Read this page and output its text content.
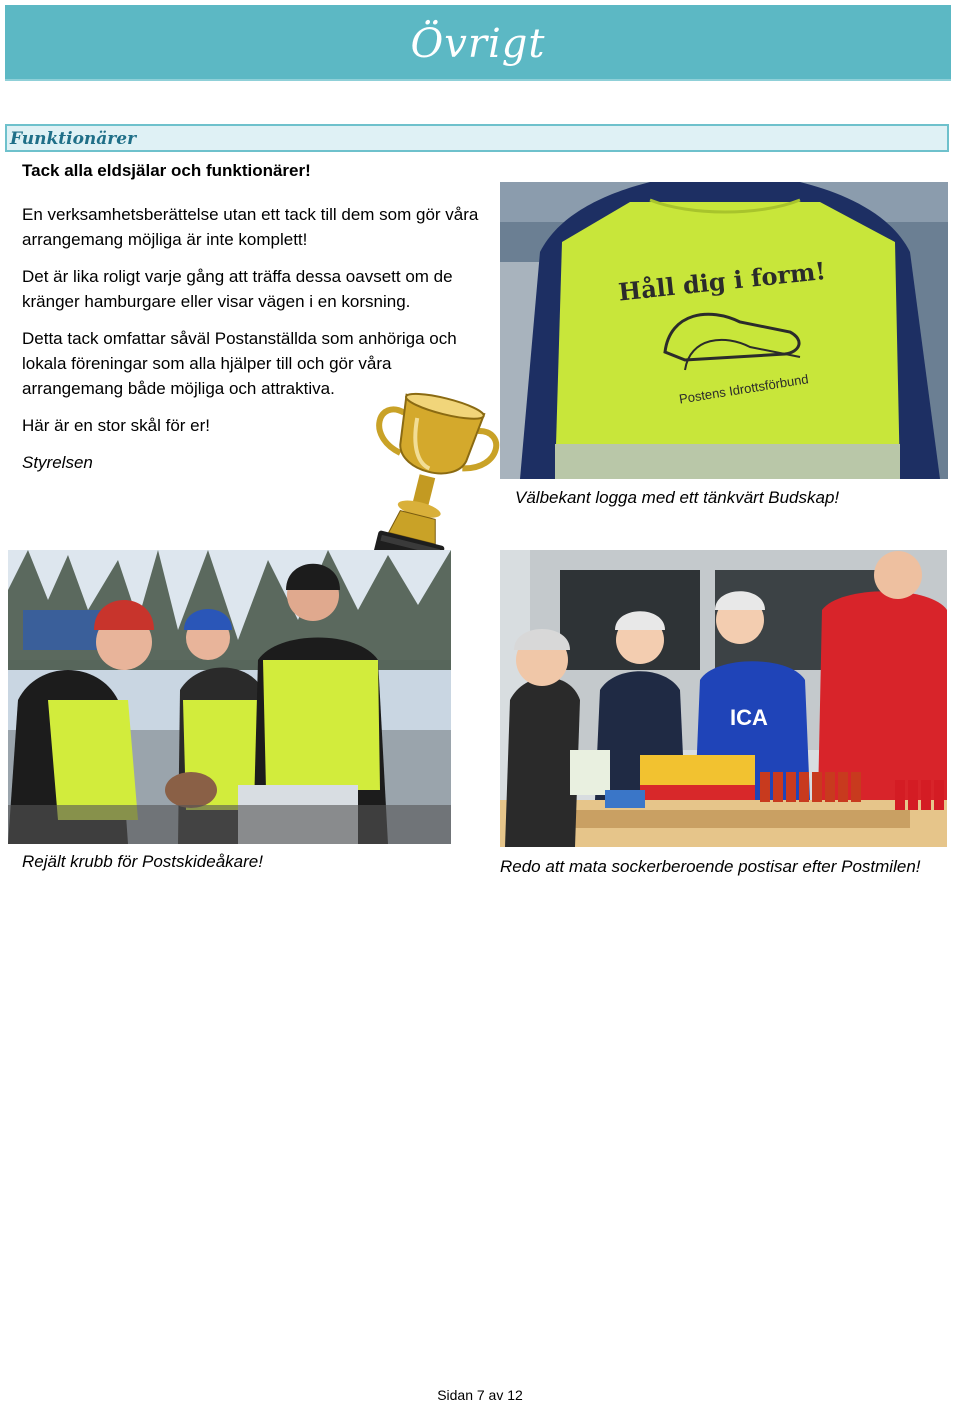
Övrigt
Funktionärer

Tack alla eldsjälar och funktionärer!

En verksamhetsberättelse utan ett tack till dem som gör våra arrangemang möjliga är inte komplett!

Det är lika roligt varje gång att träffa dessa oavsett om de kränger hamburgare eller visar vägen i en korsning.

Detta tack omfattar såväl Postanställda som anhöriga och lokala föreningar som alla hjälper till och gör våra arrangemang både möjliga och attraktiva.

Här är en stor skål för er!

Styrelsen

Håll dig i form!
Postens Idrottsförbund
Välbekant logga med ett tänkvärt Budskap!
Rejält krubb för Postskideåkare!
ICA
Redo att mata sockerberoende postisar efter Postmilen!
Sidan 7 av 12
